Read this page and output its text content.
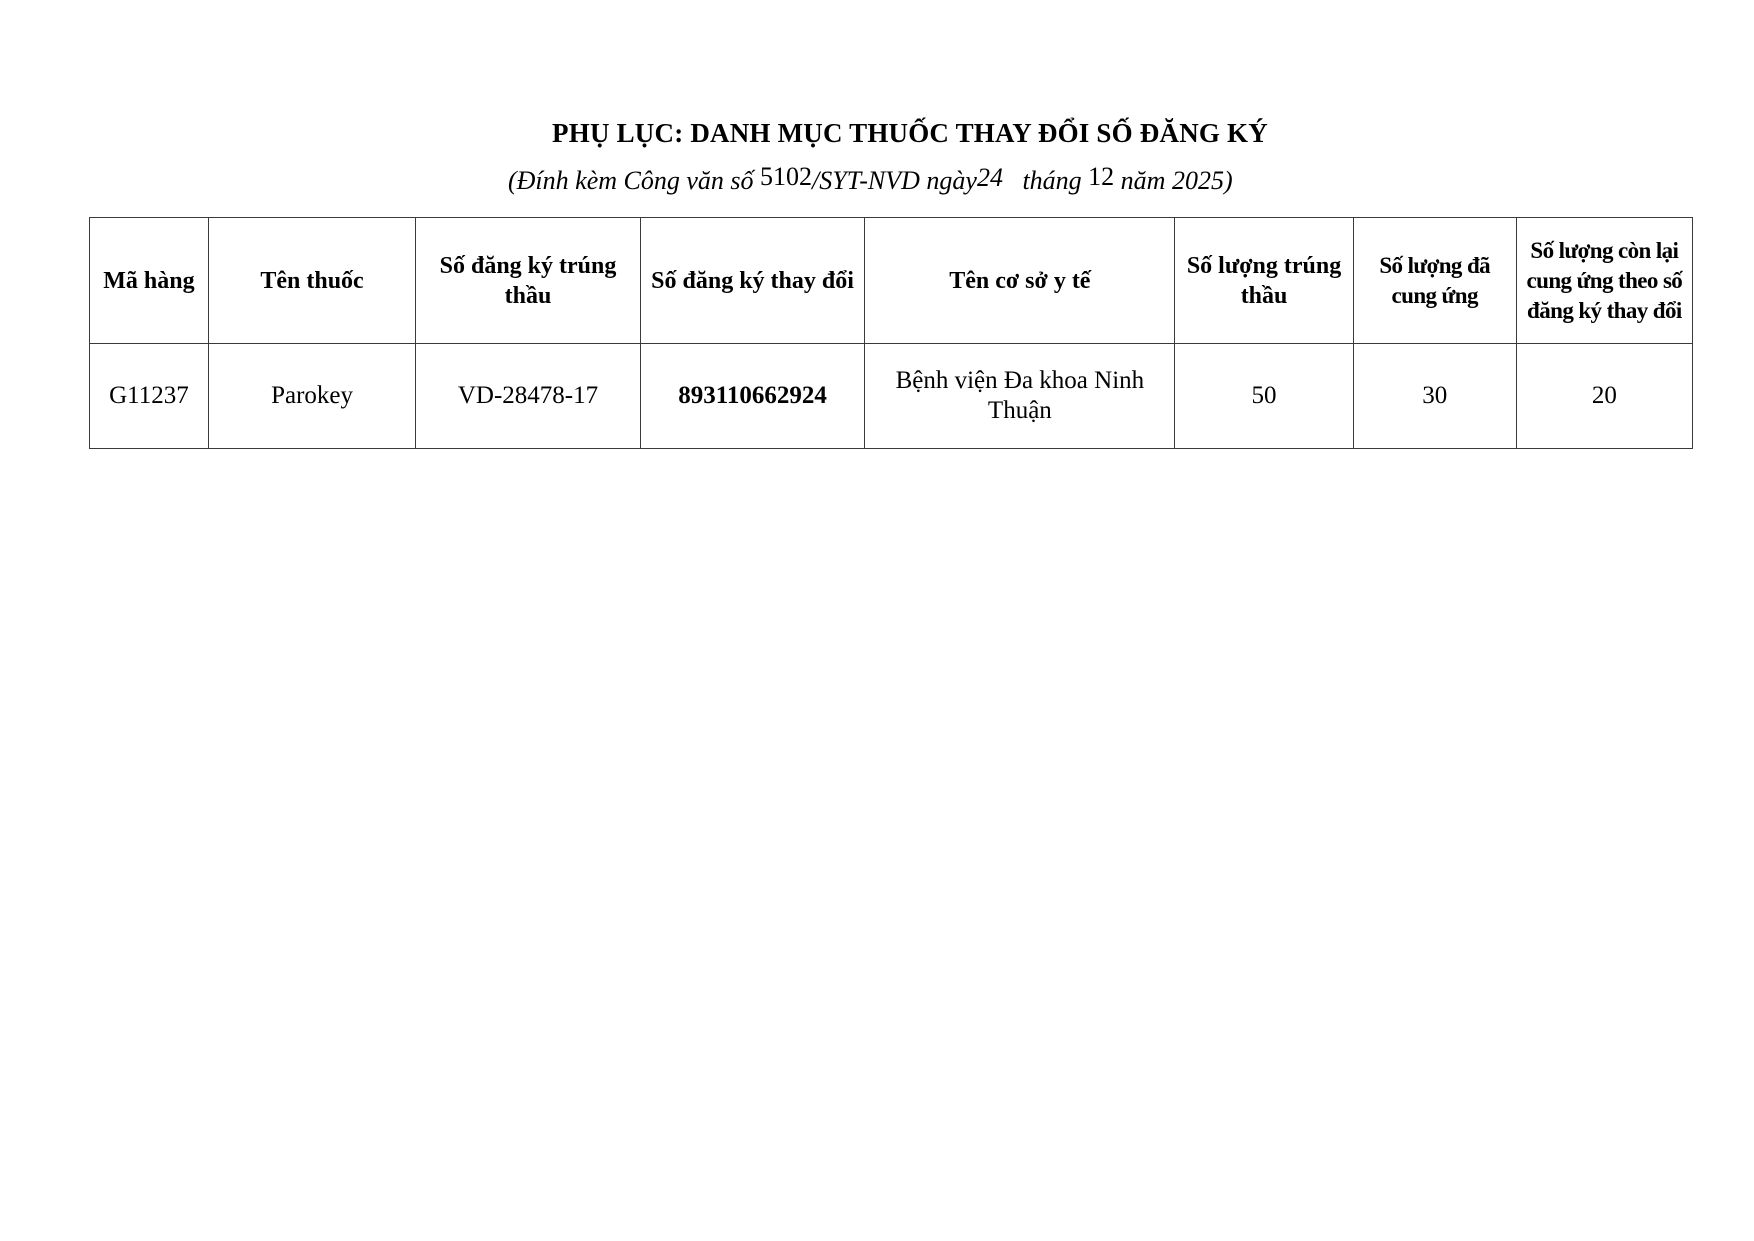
PHỤ LỤC: DANH MỤC THUỐC THAY ĐỔI SỐ ĐĂNG KÝ
(Đính kèm Công văn số 5102/SYT-NVD ngày24 tháng 12 năm 2025)
Mã hàng	Tên thuốc	Số đăng ký trúng thầu	Số đăng ký thay đổi	Tên cơ sở y tế	Số lượng trúng thầu	Số lượng đã cung ứng	Số lượng còn lại cung ứng theo số đăng ký thay đổi
G11237	Parokey	VD-28478-17	893110662924	Bệnh viện Đa khoa Ninh Thuận	50	30	20
